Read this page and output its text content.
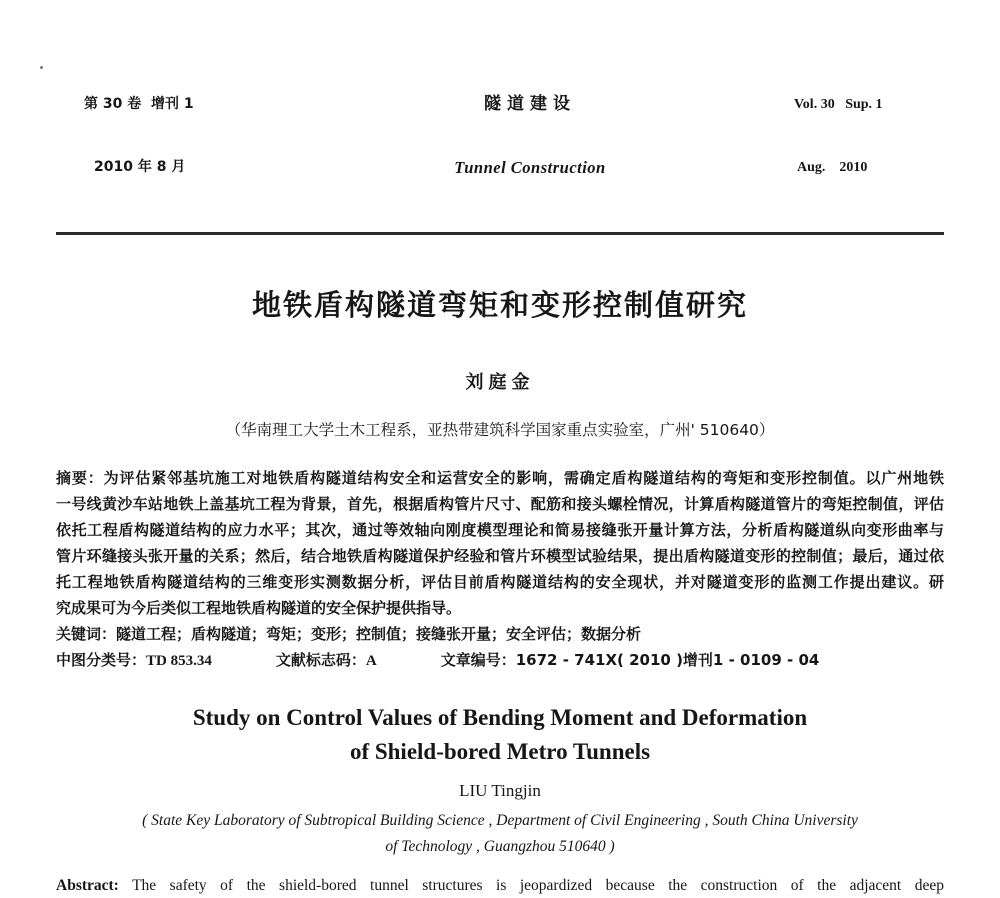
第 30 卷  增刊 1

2010 年 8 月

隧道建设

Tunnel Construction

Vol. 30   Sup. 1

Aug.    2010

地铁盾构隧道弯矩和变形控制值研究
刘庭金
（华南理工大学土木工程系，亚热带建筑科学国家重点实验室，广州' 510640）
摘要：为评估紧邻基坑施工对地铁盾构隧道结构安全和运营安全的影响，需确定盾构隧道结构的弯矩和变形控制值。以广州地铁
一号线黄沙车站地铁上盖基坑工程为背景，首先，根据盾构管片尺寸、配筋和接头螺栓情况，计算盾构隧道管片的弯矩控制值，评估
依托工程盾构隧道结构的应力水平；其次，通过等效轴向刚度模型理论和简易接缝张开量计算方法，分析盾构隧道纵向变形曲率与
管片环缝接头张开量的关系；然后，结合地铁盾构隧道保护经验和管片环模型试验结果，提出盾构隧道变形的控制值；最后，通过依
托工程地铁盾构隧道结构的三维变形实测数据分析，评估目前盾构隧道结构的安全现状，并对隧道变形的监测工作提出建议。研
究成果可为今后类似工程地铁盾构隧道的安全保护提供指导。
关键词：隧道工程；盾构隧道；弯矩；变形；控制值；接缝张开量；安全评估；数据分析
中图分类号：TD 853.34	文献标志码：A	文章编号：1672 - 741X( 2010 )增刊1 - 0109 - 04
Study on Control Values of Bending Moment and Deformation
of Shield-bored Metro Tunnels
LIU Tingjin
( State Key Laboratory of Subtropical Building Science , Department of Civil Engineering , South China University
of Technology , Guangzhou 510640 )
Abstract: The safety of the shield-bored tunnel structures is jeopardized because the construction of the adjacent deep
